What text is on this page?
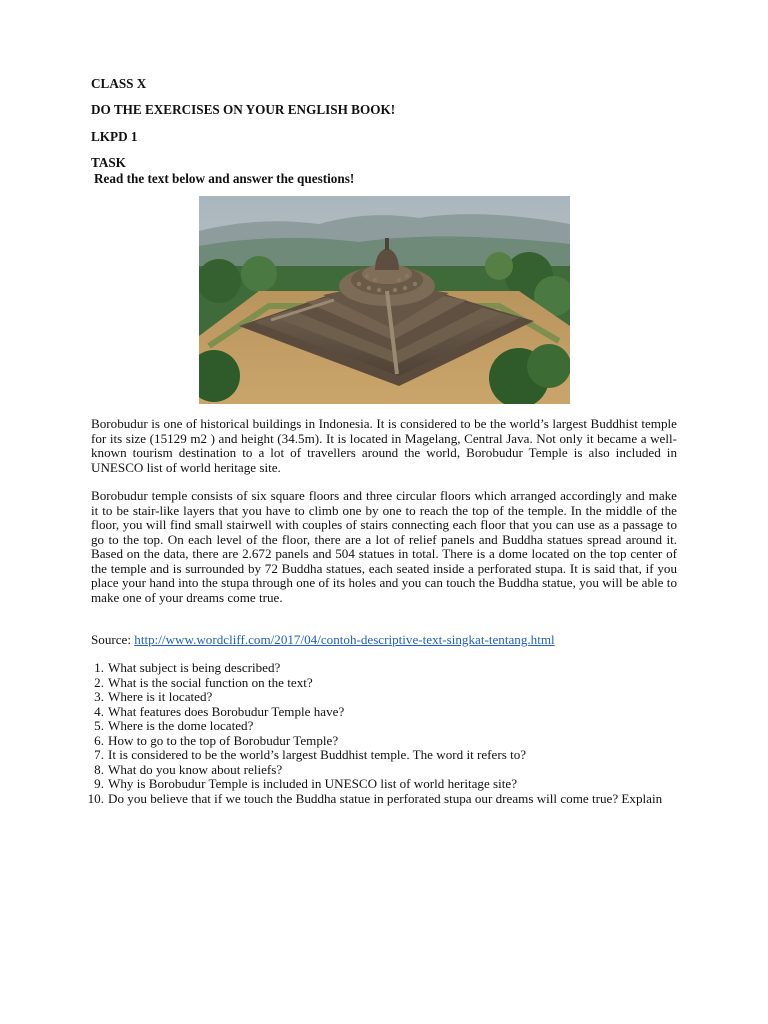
CLASS X
DO THE EXERCISES ON YOUR ENGLISH BOOK!
LKPD 1
TASK
Read the text below and answer the questions!

Borobudur is one of historical buildings in Indonesia. It is considered to be the world’s largest Buddhist temple for its size (15129 m2 ) and height (34.5m). It is located in Magelang, Central Java. Not only it became a well-known tourism destination to a lot of travellers around the world, Borobudur Temple is also included in UNESCO list of world heritage site.

Borobudur temple consists of six square floors and three circular floors which arranged accordingly and make it to be stair-like layers that you have to climb one by one to reach the top of the temple. In the middle of the floor, you will find small stairwell with couples of stairs connecting each floor that you can use as a passage to go to the top. On each level of the floor, there are a lot of relief panels and Buddha statues spread around it. Based on the data, there are 2.672 panels and 504 statues in total. There is a dome located on the top center of the temple and is surrounded by 72 Buddha statues, each seated inside a perforated stupa. It is said that, if you place your hand into the stupa through one of its holes and you can touch the Buddha statue, you will be able to make one of your dreams come true.

Source: http://www.wordcliff.com/2017/04/contoh-descriptive-text-singkat-tentang.html
1. What subject is being described?
2. What is the social function on the text?
3. Where is it located?
4. What features does Borobudur Temple have?
5. Where is the dome located?
6. How to go to the top of Borobudur Temple?
7. It is considered to be the world’s largest Buddhist temple. The word it refers to?
8. What do you know about reliefs?
9. Why is Borobudur Temple is included in UNESCO list of world heritage site?
10. Do you believe that if we touch the Buddha statue in perforated stupa our dreams will come true? Explain
